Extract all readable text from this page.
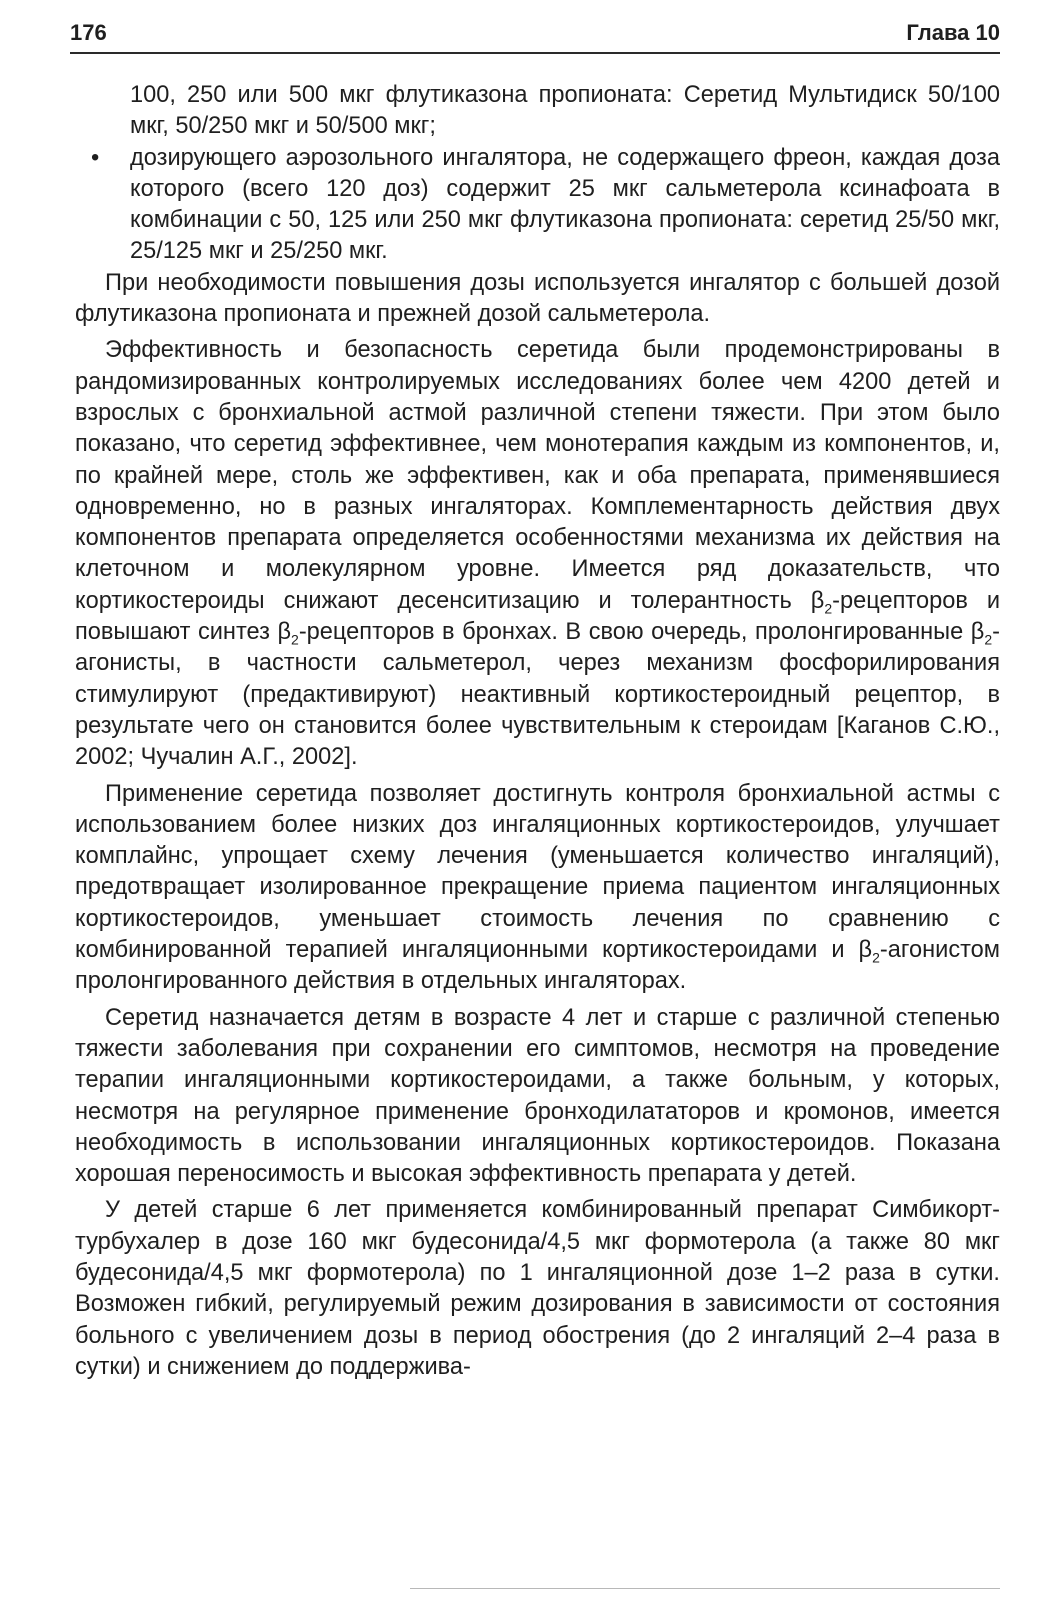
176	Глава 10

100, 250 или 500 мкг флутиказона пропионата: Серетид Мультидиск 50/100 мкг, 50/250 мкг и 50/500 мкг;

• дозирующего аэрозольного ингалятора, не содержащего фреон, каждая доза которого (всего 120 доз) содержит 25 мкг сальметерола ксинафоата в комбинации с 50, 125 или 250 мкг флутиказона пропионата: серетид 25/50 мкг, 25/125 мкг и 25/250 мкг.

При необходимости повышения дозы используется ингалятор с большей дозой флутиказона пропионата и прежней дозой сальметерола.

Эффективность и безопасность серетида были продемонстрированы в рандомизированных контролируемых исследованиях более чем 4200 детей и взрослых с бронхиальной астмой различной степени тяжести. При этом было показано, что серетид эффективнее, чем монотерапия каждым из компонентов, и, по крайней мере, столь же эффективен, как и оба препарата, применявшиеся одновременно, но в разных ингаляторах. Комплементарность действия двух компонентов препарата определяется особенностями механизма их действия на клеточном и молекулярном уровне. Имеется ряд доказательств, что кортикостероиды снижают десенситизацию и толерантность $\beta_2$-рецепторов и повышают синтез $\beta_2$-рецепторов в бронхах. В свою очередь, пролонгированные $\beta_2$-агонисты, в частности сальметерол, через механизм фосфорилирования стимулируют (предактивируют) неактивный кортикостероидный рецептор, в результате чего он становится более чувствительным к стероидам [Каганов С.Ю., 2002; Чучалин А.Г., 2002].

Применение серетида позволяет достигнуть контроля бронхиальной астмы с использованием более низких доз ингаляционных кортикостероидов, улучшает комплайнс, упрощает схему лечения (уменьшается количество ингаляций), предотвращает изолированное прекращение приема пациентом ингаляционных кортикостероидов, уменьшает стоимость лечения по сравнению с комбинированной терапией ингаляционными кортикостероидами и $\beta_2$-агонистом пролонгированного действия в отдельных ингаляторах.

Серетид назначается детям в возрасте 4 лет и старше с различной степенью тяжести заболевания при сохранении его симптомов, несмотря на проведение терапии ингаляционными кортикостероидами, а также больным, у которых, несмотря на регулярное применение бронходилататоров и кромонов, имеется необходимость в использовании ингаляционных кортикостероидов. Показана хорошая переносимость и высокая эффективность препарата у детей.

У детей старше 6 лет применяется комбинированный препарат Симбикорт-турбухалер в дозе 160 мкг будесонида/4,5 мкг формотерола (а также 80 мкг будесонида/4,5 мкг формотерола) по 1 ингаляционной дозе 1–2 раза в сутки. Возможен гибкий, регулируемый режим дозирования в зависимости от состояния больного с увеличением дозы в период обострения (до 2 ингаляций 2–4 раза в сутки) и снижением до поддержива-
